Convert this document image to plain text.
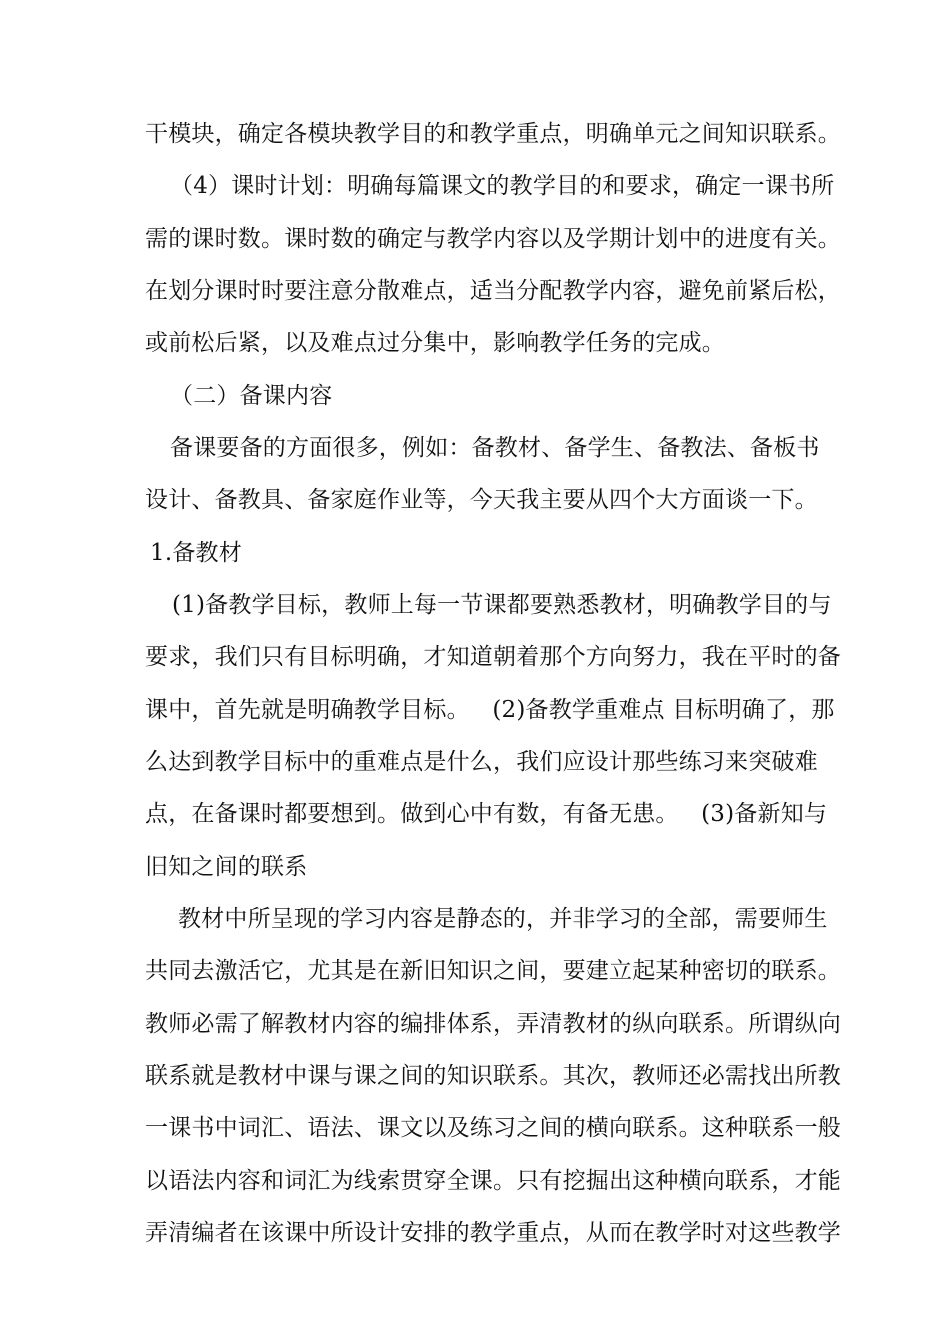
干模块，确定各模块教学目的和教学重点，明确单元之间知识联系。
（4）课时计划：明确每篇课文的教学目的和要求，确定一课书所
需的课时数。课时数的确定与教学内容以及学期计划中的进度有关。
在划分课时时要注意分散难点，适当分配教学内容，避免前紧后松，
或前松后紧，以及难点过分集中，影响教学任务的完成。
（二）备课内容
备课要备的方面很多，例如：备教材、备学生、备教法、备板书
设计、备教具、备家庭作业等，今天我主要从四个大方面谈一下。
1.备教材
(1)备教学目标，教师上每一节课都要熟悉教材，明确教学目的与
要求，我们只有目标明确，才知道朝着那个方向努力，我在平时的备
课中，首先就是明确教学目标。   (2)备教学重难点 目标明确了，那
么达到教学目标中的重难点是什么，我们应设计那些练习来突破难
点，在备课时都要想到。做到心中有数，有备无患。   (3)备新知与
旧知之间的联系
教材中所呈现的学习内容是静态的，并非学习的全部，需要师生
共同去激活它，尤其是在新旧知识之间，要建立起某种密切的联系。
教师必需了解教材内容的编排体系，弄清教材的纵向联系。所谓纵向
联系就是教材中课与课之间的知识联系。其次，教师还必需找出所教
一课书中词汇、语法、课文以及练习之间的横向联系。这种联系一般
以语法内容和词汇为线索贯穿全课。只有挖掘出这种横向联系，才能
弄清编者在该课中所设计安排的教学重点，从而在教学时对这些教学
